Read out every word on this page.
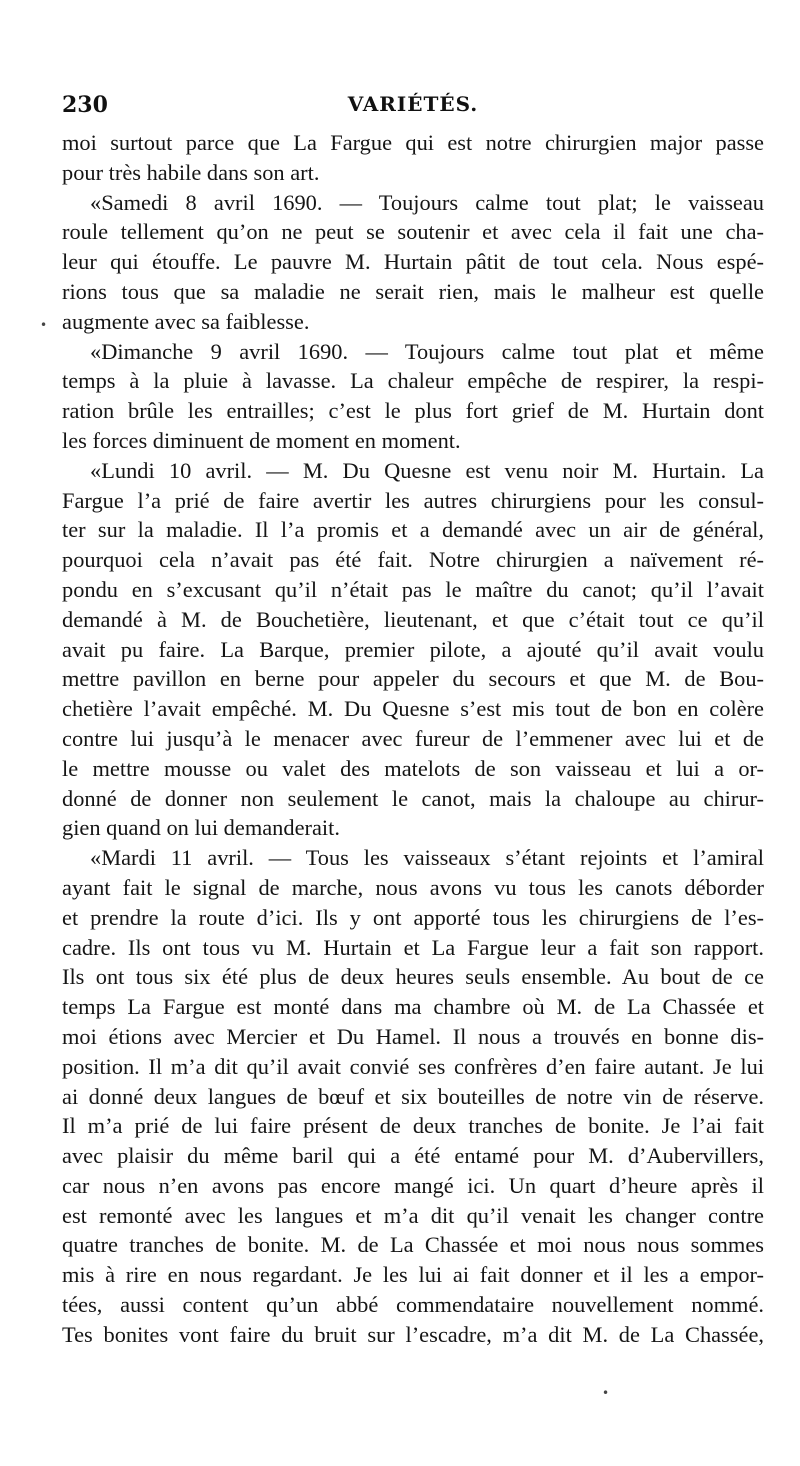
230	VARIÉTÉS.
moi surtout parce que La Fargue qui est notre chirurgien major passe
pour très habile dans son art.
«Samedi 8 avril 1690. — Toujours calme tout plat; le vaisseau
roule tellement qu’on ne peut se soutenir et avec cela il fait une cha-
leur qui étouffe. Le pauvre M. Hurtain pâtit de tout cela. Nous espé-
rions tous que sa maladie ne serait rien, mais le malheur est quelle
augmente avec sa faiblesse.
«Dimanche 9 avril 1690. — Toujours calme tout plat et même
temps à la pluie à lavasse. La chaleur empêche de respirer, la respi-
ration brûle les entrailles; c’est le plus fort grief de M. Hurtain dont
les forces diminuent de moment en moment.
«Lundi 10 avril. — M. Du Quesne est venu noir M. Hurtain. La
Fargue l’a prié de faire avertir les autres chirurgiens pour les consul-
ter sur la maladie. Il l’a promis et a demandé avec un air de général,
pourquoi cela n’avait pas été fait. Notre chirurgien a naïvement ré-
pondu en s’excusant qu’il n’était pas le maître du canot; qu’il l’avait
demandé à M. de Bouchetière, lieutenant, et que c’était tout ce qu’il
avait pu faire. La Barque, premier pilote, a ajouté qu’il avait voulu
mettre pavillon en berne pour appeler du secours et que M. de Bou-
chetière l’avait empêché. M. Du Quesne s’est mis tout de bon en colère
contre lui jusqu’à le menacer avec fureur de l’emmener avec lui et de
le mettre mousse ou valet des matelots de son vaisseau et lui a or-
donné de donner non seulement le canot, mais la chaloupe au chirur-
gien quand on lui demanderait.
«Mardi 11 avril. — Tous les vaisseaux s’étant rejoints et l’amiral
ayant fait le signal de marche, nous avons vu tous les canots déborder
et prendre la route d’ici. Ils y ont apporté tous les chirurgiens de l’es-
cadre. Ils ont tous vu M. Hurtain et La Fargue leur a fait son rapport.
Ils ont tous six été plus de deux heures seuls ensemble. Au bout de ce
temps La Fargue est monté dans ma chambre où M. de La Chassée et
moi étions avec Mercier et Du Hamel. Il nous a trouvés en bonne dis-
position. Il m’a dit qu’il avait convié ses confrères d’en faire autant. Je lui
ai donné deux langues de bœuf et six bouteilles de notre vin de réserve.
Il m’a prié de lui faire présent de deux tranches de bonite. Je l’ai fait
avec plaisir du même baril qui a été entamé pour M. d’Aubervillers,
car nous n’en avons pas encore mangé ici. Un quart d’heure après il
est remonté avec les langues et m’a dit qu’il venait les changer contre
quatre tranches de bonite. M. de La Chassée et moi nous nous sommes
mis à rire en nous regardant. Je les lui ai fait donner et il les a empor-
tées, aussi content qu’un abbé commendataire nouvellement nommé.
Tes bonites vont faire du bruit sur l’escadre, m’a dit M. de La Chassée,
•
•
